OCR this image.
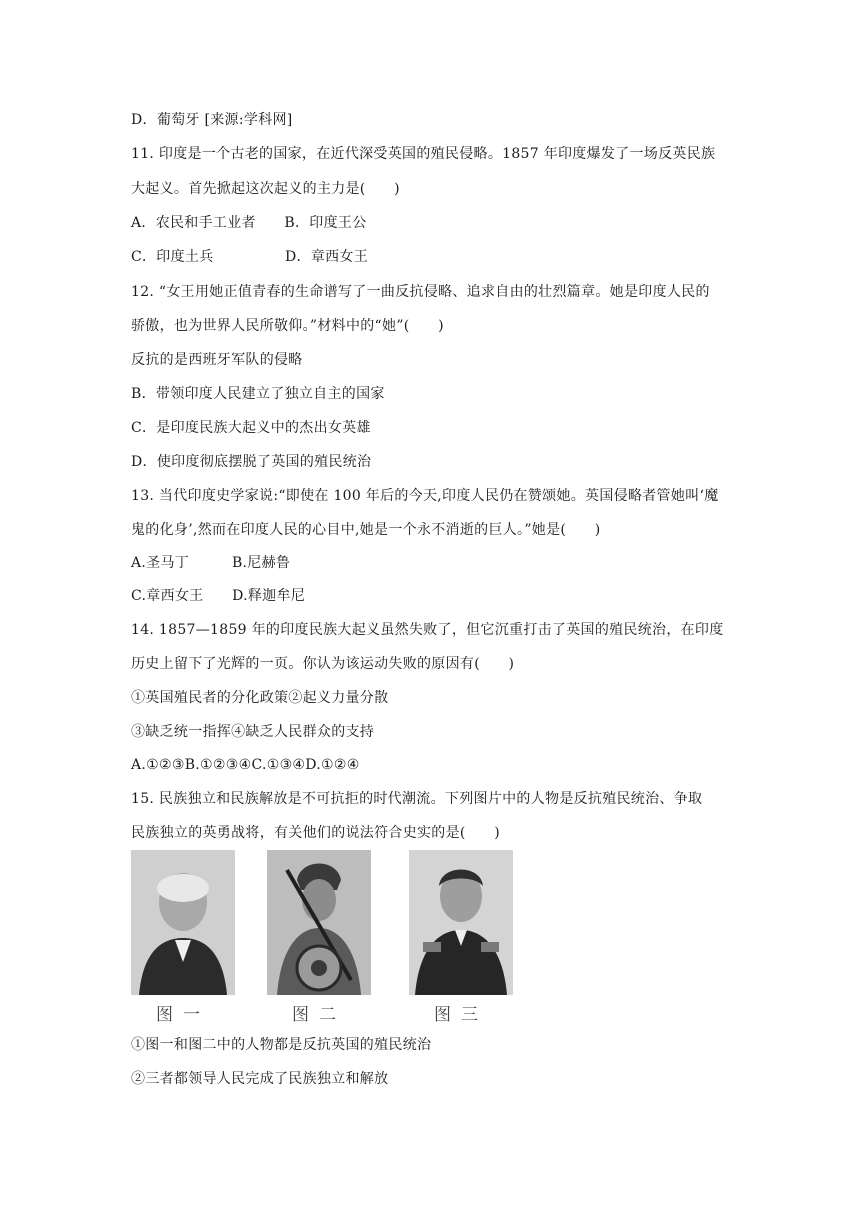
D．葡萄牙 [来源:学科网]
11. 印度是一个古老的国家，在近代深受英国的殖民侵略。1857 年印度爆发了一场反英民族
大起义。首先掀起这次起义的主力是(　　)
A．农民和手工业者　　B．印度王公
C．印度土兵　　　　　D．章西女王
12. “女王用她正值青春的生命谱写了一曲反抗侵略、追求自由的壮烈篇章。她是印度人民的
骄傲，也为世界人民所敬仰。”材料中的“她”(　　)
反抗的是西班牙军队的侵略
B．带领印度人民建立了独立自主的国家
C．是印度民族大起义中的杰出女英雄
D．使印度彻底摆脱了英国的殖民统治
13. 当代印度史学家说:“即使在 100 年后的今天,印度人民仍在赞颂她。英国侵略者管她叫‘魔
鬼的化身’,然而在印度人民的心目中,她是一个永不消逝的巨人。”她是(　　)
A.圣马丁　　　B.尼赫鲁
C.章西女王　　D.释迦牟尼
14. 1857—1859 年的印度民族大起义虽然失败了，但它沉重打击了英国的殖民统治，在印度
历史上留下了光辉的一页。你认为该运动失败的原因有(　　)
①英国殖民者的分化政策②起义力量分散
③缺乏统一指挥④缺乏人民群众的支持
A.①②③B.①②③④C.①③④D.①②④
15. 民族独立和民族解放是不可抗拒的时代潮流。下列图片中的人物是反抗殖民统治、争取
民族独立的英勇战将，有关他们的说法符合史实的是(　　)
图一	图二	图三
①图一和图二中的人物都是反抗英国的殖民统治
②三者都领导人民完成了民族独立和解放
